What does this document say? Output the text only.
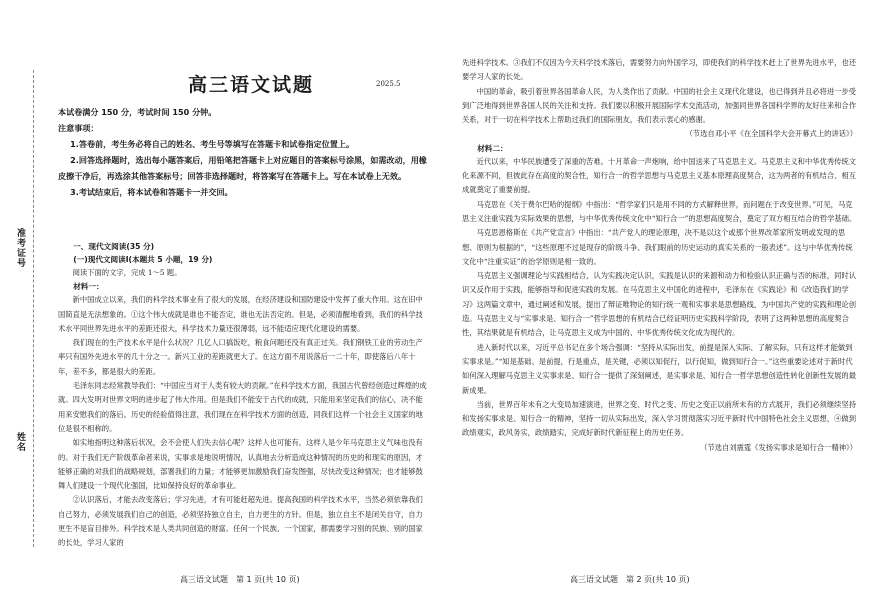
准考证号
姓名
高三语文试题	2025.5

本试卷满分 150 分，考试时间 150 分钟。

注意事项：

1.答卷前，考生务必将自己的姓名、考生号等填写在答题卡和试卷指定位置上。

2.回答选择题时，选出每小题答案后，用铅笔把答题卡上对应题目的答案标号涂黑，如需改动，用橡皮擦干净后，再选涂其他答案标号；回答非选择题时，将答案写在答题卡上。写在本试卷上无效。

3.考试结束后，将本试卷和答题卡一并交回。

一、现代文阅读(35 分)

(一)现代文阅读Ⅰ(本题共 5 小题，19 分)

阅读下面的文字，完成 1～5 题。

材料一：

新中国成立以来，我们的科学技术事业有了很大的发展，在经济建设和国防建设中发挥了重大作用。这在旧中国简直是无法想象的。①这个伟大成就是谁也不能否定，谁也无法否定的。但是，必须清醒地看到，我们的科学技术水平同世界先进水平的差距还很大，科学技术力量还很薄弱，远不能适应现代化建设的需要。

我们现在的生产技术水平是什么状况？几亿人口搞饭吃，粮食问题还没有真正过关。我们钢铁工业的劳动生产率只有国外先进水平的几十分之一。新兴工业的差距就更大了。在这方面不用说落后一二十年，即使落后八年十年，差不多，都是很大的差距。

毛泽东同志经常教导我们：“中国应当对于人类有较大的贡献。”在科学技术方面，我国古代曾经创造过辉煌的成就。四大发明对世界文明的进步起了伟大作用。但是我们不能安于古代的成就，只能用来坚定我们的信心，决不能用来安慰我们的落后。历史的经验值得注意，我们现在在科学技术方面的创造，同我们这样一个社会主义国家的地位是很不相称的。

如实地指明这种落后状况，会不会使人们失去信心呢？这样人也可能有，这样人是少年马克思主义气味也没有的。对于我们无产阶级革命者来说，实事求是地说明情况，认真地去分析造成这种情况的历史的和现实的原因，才能够正确的对我们的战略规划，部署我们的力量；才能够更加激励我们奋发图强，尽快改变这种情况；也才能够鼓舞人们建设一个现代化强国，比如保持良好的革命事业。

②认识落后，才能去改变落后；学习先进，才有可能赶超先进。提高我国的科学技术水平，当然必须依靠我们自己努力，必须发展我们自己的创造，必须坚持独立自主，自力更生的方针。但是，独立自主不是闭关自守，自力更生不是盲目排外。科学技术是人类共同创造的财富。任何一个民族、一个国家，都需要学习别的民族、别的国家的长处，学习人家的

高三语文试题　第 1 页(共 10 页)

先进科学技术。③我们不仅因为今天科学技术落后，需要努力向外国学习，即使我们的科学技术赶上了世界先进水平，也还要学习人家的长处。

中国的革命，吸引着世界各国革命人民，为人类作出了贡献。中国的社会主义现代化建设，也已得到并且必将进一步受到广泛地得到世界各国人民的关注和支持。我们要以积极开展国际学术交流活动，加强同世界各国科学界的友好往来和合作关系，对于一切在科学技术上帮助过我们的国际朋友，我们表示衷心的感谢。

（节选自邓小平《在全国科学大会开幕式上的讲话》）

材料二：

近代以来，中华民族遭受了深重的苦难。十月革命一声炮响，给中国送来了马克思主义。马克思主义和中华优秀传统文化来源不同，但彼此存在高度的契合性，知行合一的哲学思想与马克思主义基本原理高度契合，这为两者的有机结合、相互成就奠定了重要前提。

马克思在《关于费尔巴哈的提纲》中指出：“哲学家们只是用不同的方式解释世界，而问题在于改变世界。”可见，马克思主义注重实践为实际效果的思想，与中华优秀传统文化中“知行合一”的思想高度契合，奠定了双方相互结合的哲学基础。

马克思恩格斯在《共产党宣言》中指出：“共产党人的理论原理，决不是以这个或那个世界改革家所发明或发现的思想、原则为根据的”，“这些原理不过是现存的阶级斗争、我们眼前的历史运动的真实关系的一般表述”。这与中华优秀传统文化中“注重实证”的治学原则是相一致的。

马克思主义强调理论与实践相结合，认为实践决定认识，实践是认识的来源和动力和检验认识正确与否的标准，同时认识又反作用于实践，能够指导和促进实践的发展。在马克思主义中国化的进程中，毛泽东在《实践论》和《改造我们的学习》这两篇文章中，通过阐述和发展，提出了辩证唯物论的知行统一观和实事求是思想路线，为中国共产党的实践和理论创造。马克思主义与“实事求是、知行合一”哲学思想的有机结合已经证明历史实践科学阶段，表明了这两种思想的高度契合性，其结果就是有机结合，让马克思主义成为中国的、中华优秀传统文化成为现代的。

进入新时代以来，习近平总书记在多个场合强调：“坚持从实际出发，前提是深入实际、了解实际，只有这样才能做到实事求是。”“知是基础、是前提，行是重点，是关键，必须以知促行，以行促知，做到知行合一。”这些重要论述对于新时代如何深入理解马克思主义实事求是、知行合一提供了深刻阐述，是实事求是、知行合一哲学思想创造性转化创新性发展的最新成果。

当前，世界百年未有之大变局加速演进，世界之变、时代之变、历史之变正以前所未有的方式展开，我们必须继续坚持和发扬实事求是、知行合一的精神，坚持一切从实际出发，深入学习贯彻落实习近平新时代中国特色社会主义思想，④做到政绩观实，政风务实，政绩踏实，完成好新时代新征程上的历史任务。

（节选自刘震霆《发扬实事求是知行合一精神》）

高三语文试题　第 2 页(共 10 页)
